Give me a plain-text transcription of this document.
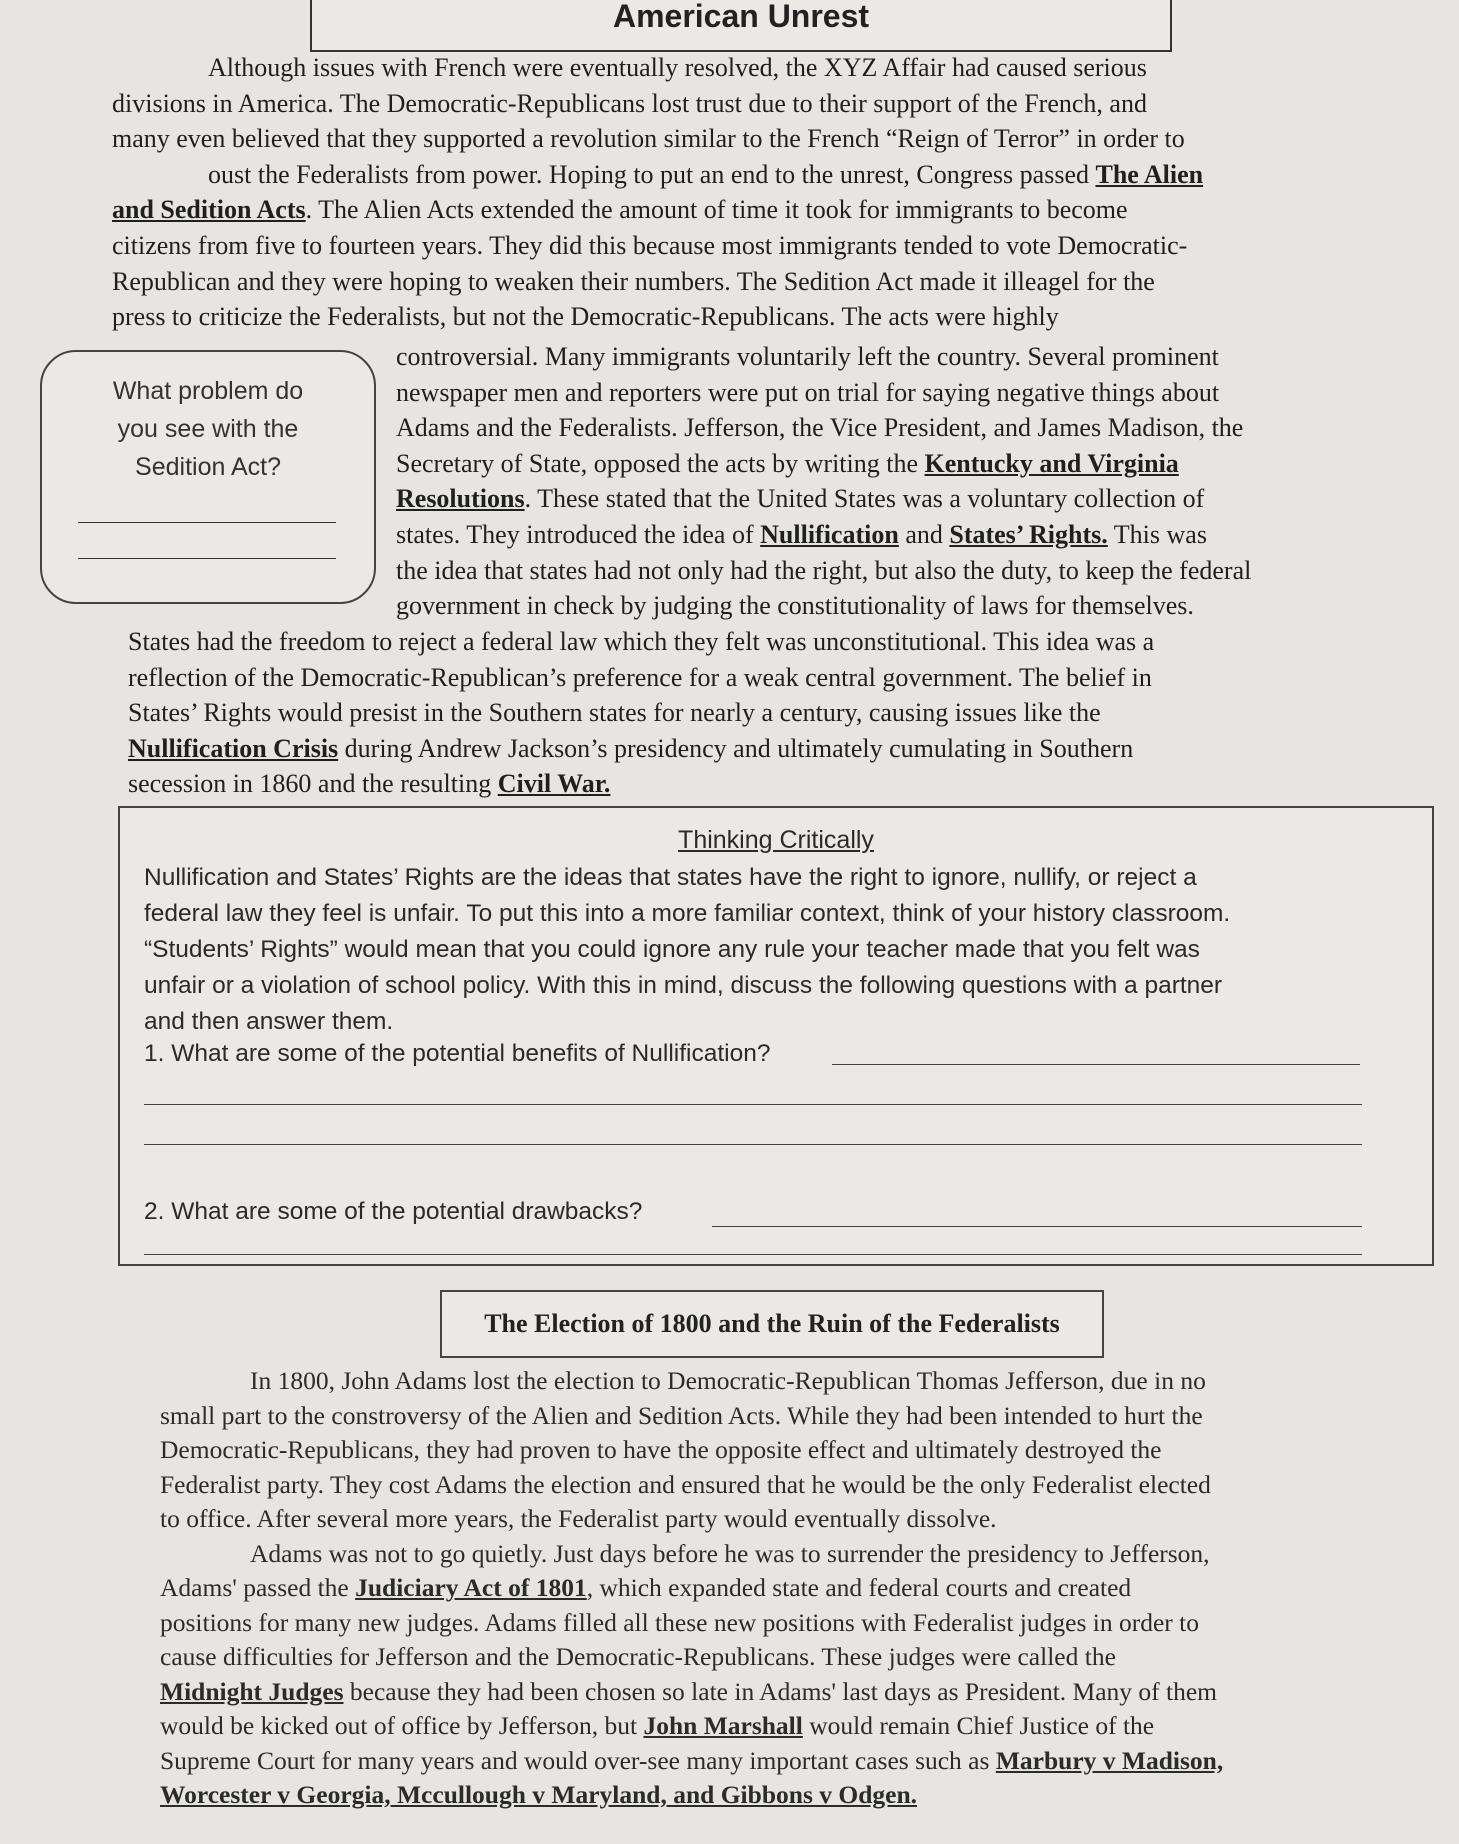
American Unrest
Although issues with French were eventually resolved, the XYZ Affair had caused serious
divisions in America. The Democratic-Republicans lost trust due to their support of the French, and
many even believed that they supported a revolution similar to the French “Reign of Terror” in order to
oust the Federalists from power. Hoping to put an end to the unrest, Congress passed The Alien
and Sedition Acts. The Alien Acts extended the amount of time it took for immigrants to become
citizens from five to fourteen years. They did this because most immigrants tended to vote Democratic-
Republican and they were hoping to weaken their numbers. The Sedition Act made it illeagel for the
press to criticize the Federalists, but not the Democratic-Republicans. The acts were highly
What problem do
you see with the
Sedition Act?
controversial. Many immigrants voluntarily left the country. Several prominent
newspaper men and reporters were put on trial for saying negative things about
Adams and the Federalists. Jefferson, the Vice President, and James Madison, the
Secretary of State, opposed the acts by writing the Kentucky and Virginia
Resolutions. These stated that the United States was a voluntary collection of
states. They introduced the idea of Nullification and States’ Rights. This was
the idea that states had not only had the right, but also the duty, to keep the federal
government in check by judging the constitutionality of laws for themselves.
States had the freedom to reject a federal law which they felt was unconstitutional. This idea was a
reflection of the Democratic-Republican’s preference for a weak central government. The belief in
States’ Rights would presist in the Southern states for nearly a century, causing issues like the
Nullification Crisis during Andrew Jackson’s presidency and ultimately cumulating in Southern
secession in 1860 and the resulting Civil War.
Thinking Critically
Nullification and States’ Rights are the ideas that states have the right to ignore, nullify, or reject a
federal law they feel is unfair. To put this into a more familiar context, think of your history classroom.
“Students’ Rights” would mean that you could ignore any rule your teacher made that you felt was
unfair or a violation of school policy. With this in mind, discuss the following questions with a partner
and then answer them.
1. What are some of the potential benefits of Nullification?
2. What are some of the potential drawbacks?
The Election of 1800 and the Ruin of the Federalists
In 1800, John Adams lost the election to Democratic-Republican Thomas Jefferson, due in no
small part to the constroversy of the Alien and Sedition Acts. While they had been intended to hurt the
Democratic-Republicans, they had proven to have the opposite effect and ultimately destroyed the
Federalist party. They cost Adams the election and ensured that he would be the only Federalist elected
to office. After several more years, the Federalist party would eventually dissolve.
Adams was not to go quietly. Just days before he was to surrender the presidency to Jefferson,
Adams' passed the Judiciary Act of 1801, which expanded state and federal courts and created
positions for many new judges. Adams filled all these new positions with Federalist judges in order to
cause difficulties for Jefferson and the Democratic-Republicans. These judges were called the
Midnight Judges because they had been chosen so late in Adams' last days as President. Many of them
would be kicked out of office by Jefferson, but John Marshall would remain Chief Justice of the
Supreme Court for many years and would over-see many important cases such as Marbury v Madison,
Worcester v Georgia, Mccullough v Maryland, and Gibbons v Odgen.
